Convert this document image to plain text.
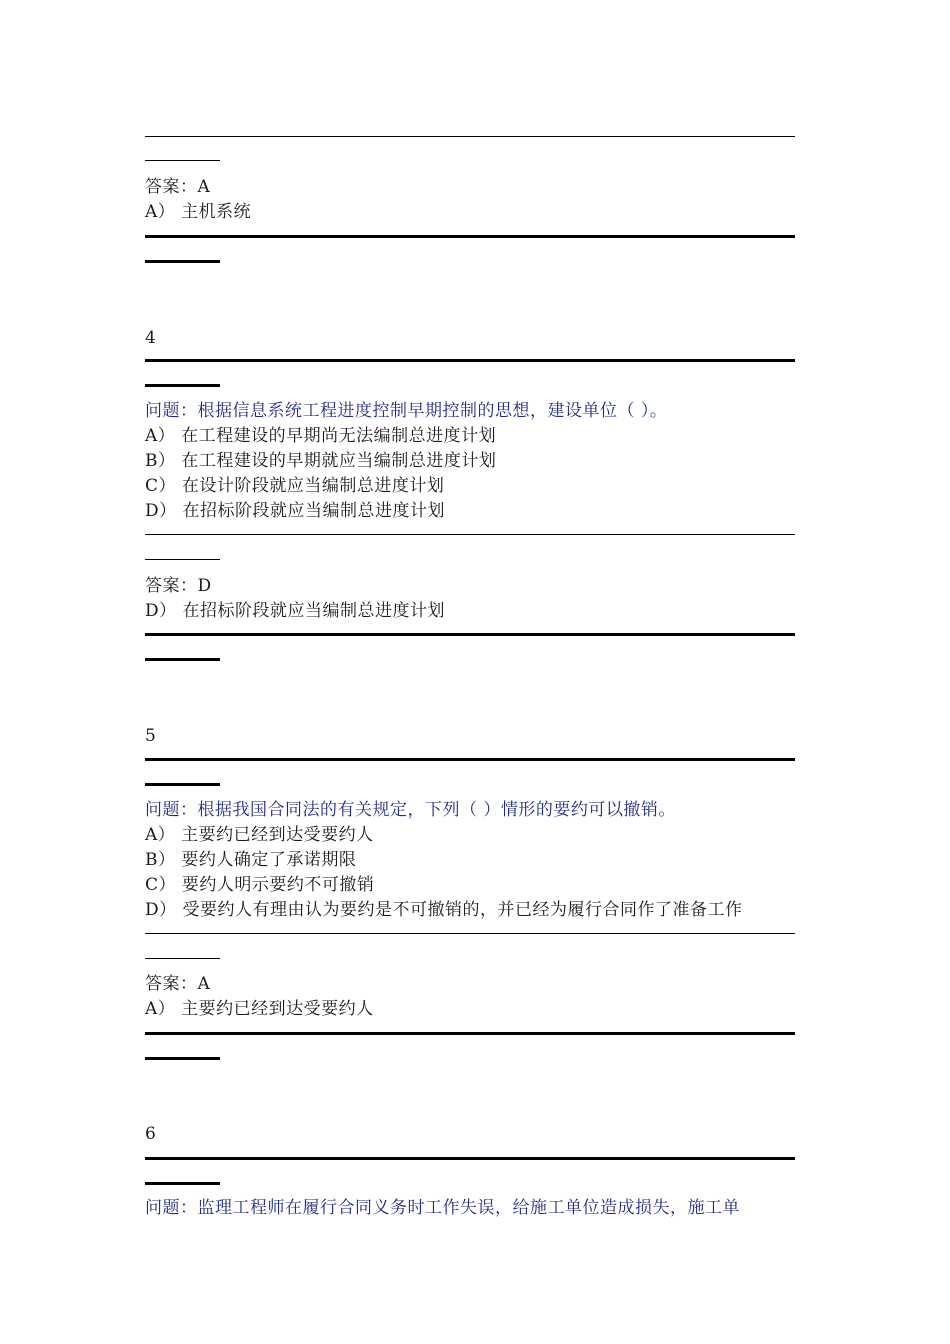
答案：A
A） 主机系统
4
问题：根据信息系统工程进度控制早期控制的思想，建设单位（ ）。
A） 在工程建设的早期尚无法编制总进度计划
B） 在工程建设的早期就应当编制总进度计划
C） 在设计阶段就应当编制总进度计划
D） 在招标阶段就应当编制总进度计划
答案：D
D） 在招标阶段就应当编制总进度计划
5
问题：根据我国合同法的有关规定，下列（ ）情形的要约可以撤销。
A） 主要约已经到达受要约人
B） 要约人确定了承诺期限
C） 要约人明示要约不可撤销
D） 受要约人有理由认为要约是不可撤销的，并已经为履行合同作了准备工作
答案：A
A） 主要约已经到达受要约人
6
问题：监理工程师在履行合同义务时工作失误，给施工单位造成损失，施工单
